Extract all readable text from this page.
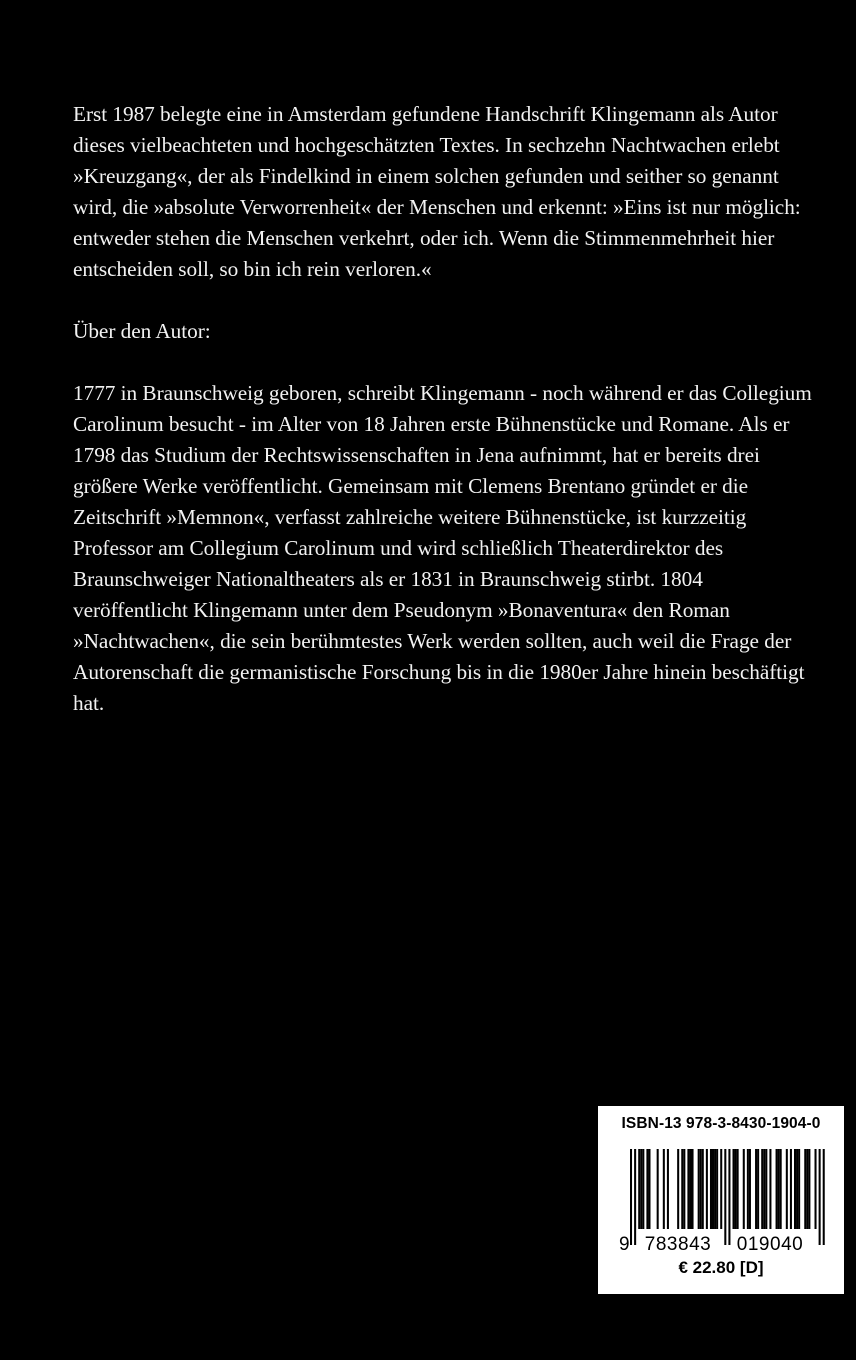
Erst 1987 belegte eine in Amsterdam gefundene Handschrift Klingemann als Autor dieses vielbeachteten und hochgeschätzten Textes. In sechzehn Nachtwachen erlebt »Kreuzgang«, der als Findelkind in einem solchen gefunden und seither so genannt wird, die »absolute Verworrenheit« der Menschen und erkennt: »Eins ist nur möglich: entweder stehen die Menschen verkehrt, oder ich. Wenn die Stimmenmehrheit hier entscheiden soll, so bin ich rein verloren.«

Über den Autor:

1777 in Braunschweig geboren, schreibt Klingemann - noch während er das Collegium Carolinum besucht - im Alter von 18 Jahren erste Bühnenstücke und Romane. Als er 1798 das Studium der Rechtswissenschaften in Jena aufnimmt, hat er bereits drei größere Werke veröffentlicht. Gemeinsam mit Clemens Brentano gründet er die Zeitschrift »Memnon«, verfasst zahlreiche weitere Bühnenstücke, ist kurzzeitig Professor am Collegium Carolinum und wird schließlich Theaterdirektor des Braunschweiger Nationaltheaters als er 1831 in Braunschweig stirbt. 1804 veröffentlicht Klingemann unter dem Pseudonym »Bonaventura« den Roman »Nachtwachen«, die sein berühmtestes Werk werden sollten, auch weil die Frage der Autorenschaft die germanistische Forschung bis in die 1980er Jahre hinein beschäftigt hat.

ISBN-13 978-3-8430-1904-0
9 783843 019040
€ 22.80 [D]
